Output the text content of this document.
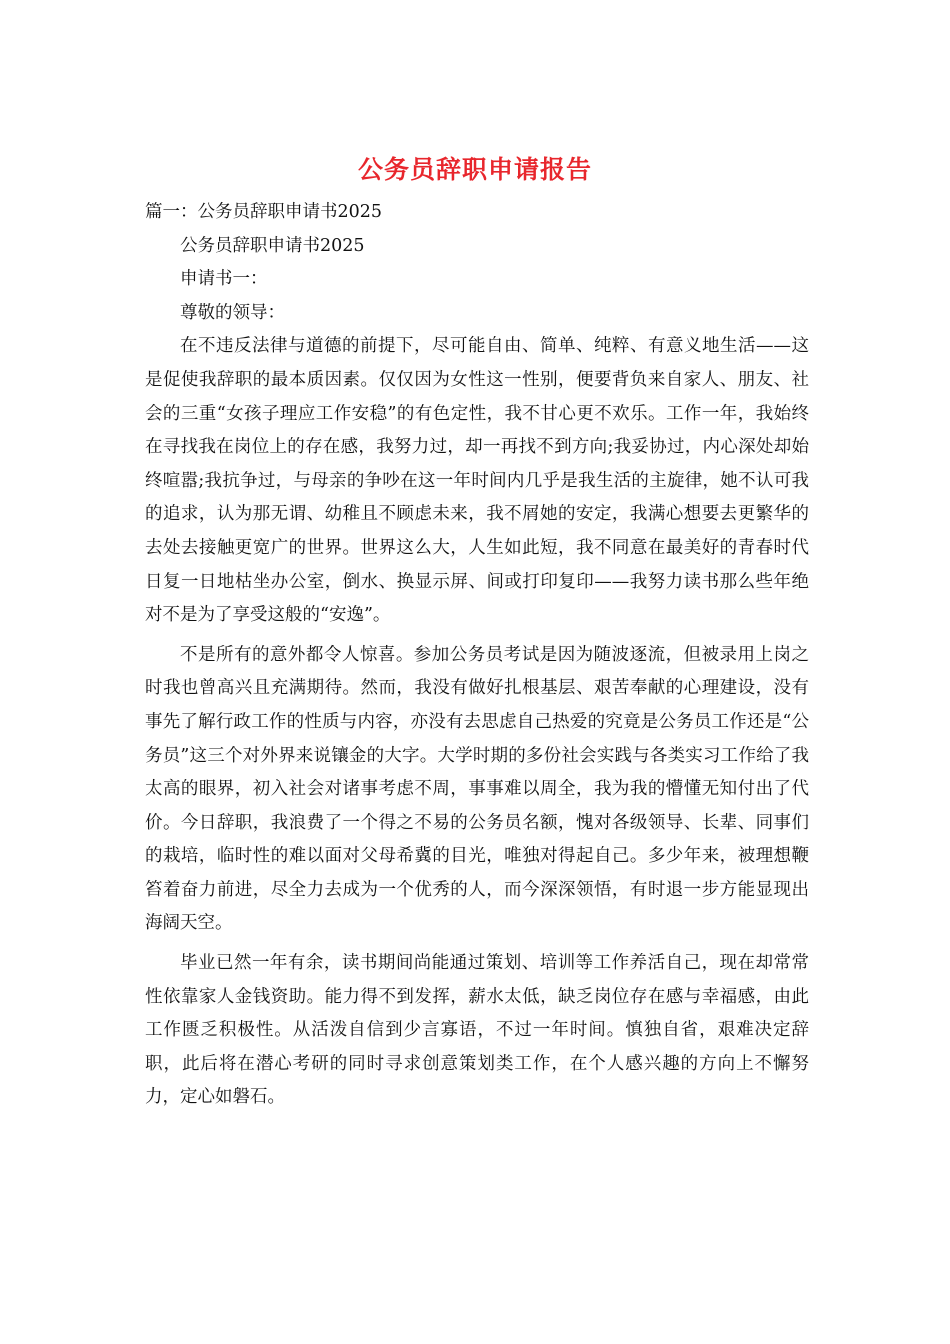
公务员辞职申请报告

篇一：公务员辞职申请书2025

公务员辞职申请书2025

申请书一：

尊敬的领导：

在不违反法律与道德的前提下，尽可能自由、简单、纯粹、有意义地生活——这是促使我辞职的最本质因素。仅仅因为女性这一性别，便要背负来自家人、朋友、社会的三重“女孩子理应工作安稳”的有色定性，我不甘心更不欢乐。工作一年，我始终在寻找我在岗位上的存在感，我努力过，却一再找不到方向;我妥协过，内心深处却始终喧嚣;我抗争过，与母亲的争吵在这一年时间内几乎是我生活的主旋律，她不认可我的追求，认为那无谓、幼稚且不顾虑未来，我不屑她的安定，我满心想要去更繁华的去处去接触更宽广的世界。世界这么大，人生如此短，我不同意在最美好的青春时代日复一日地枯坐办公室，倒水、换显示屏、间或打印复印——我努力读书那么些年绝对不是为了享受这般的“安逸”。

不是所有的意外都令人惊喜。参加公务员考试是因为随波逐流，但被录用上岗之时我也曾高兴且充满期待。然而，我没有做好扎根基层、艰苦奉献的心理建设，没有事先了解行政工作的性质与内容，亦没有去思虑自己热爱的究竟是公务员工作还是“公务员”这三个对外界来说镶金的大字。大学时期的多份社会实践与各类实习工作给了我太高的眼界，初入社会对诸事考虑不周，事事难以周全，我为我的懵懂无知付出了代价。今日辞职，我浪费了一个得之不易的公务员名额，愧对各级领导、长辈、同事们的栽培，临时性的难以面对父母希冀的目光，唯独对得起自己。多少年来，被理想鞭笞着奋力前进，尽全力去成为一个优秀的人，而今深深领悟，有时退一步方能显现出海阔天空。

毕业已然一年有余，读书期间尚能通过策划、培训等工作养活自己，现在却常常性依靠家人金钱资助。能力得不到发挥，薪水太低，缺乏岗位存在感与幸福感，由此工作匮乏积极性。从活泼自信到少言寡语，不过一年时间。慎独自省，艰难决定辞职，此后将在潜心考研的同时寻求创意策划类工作，在个人感兴趣的方向上不懈努力，定心如磐石。
